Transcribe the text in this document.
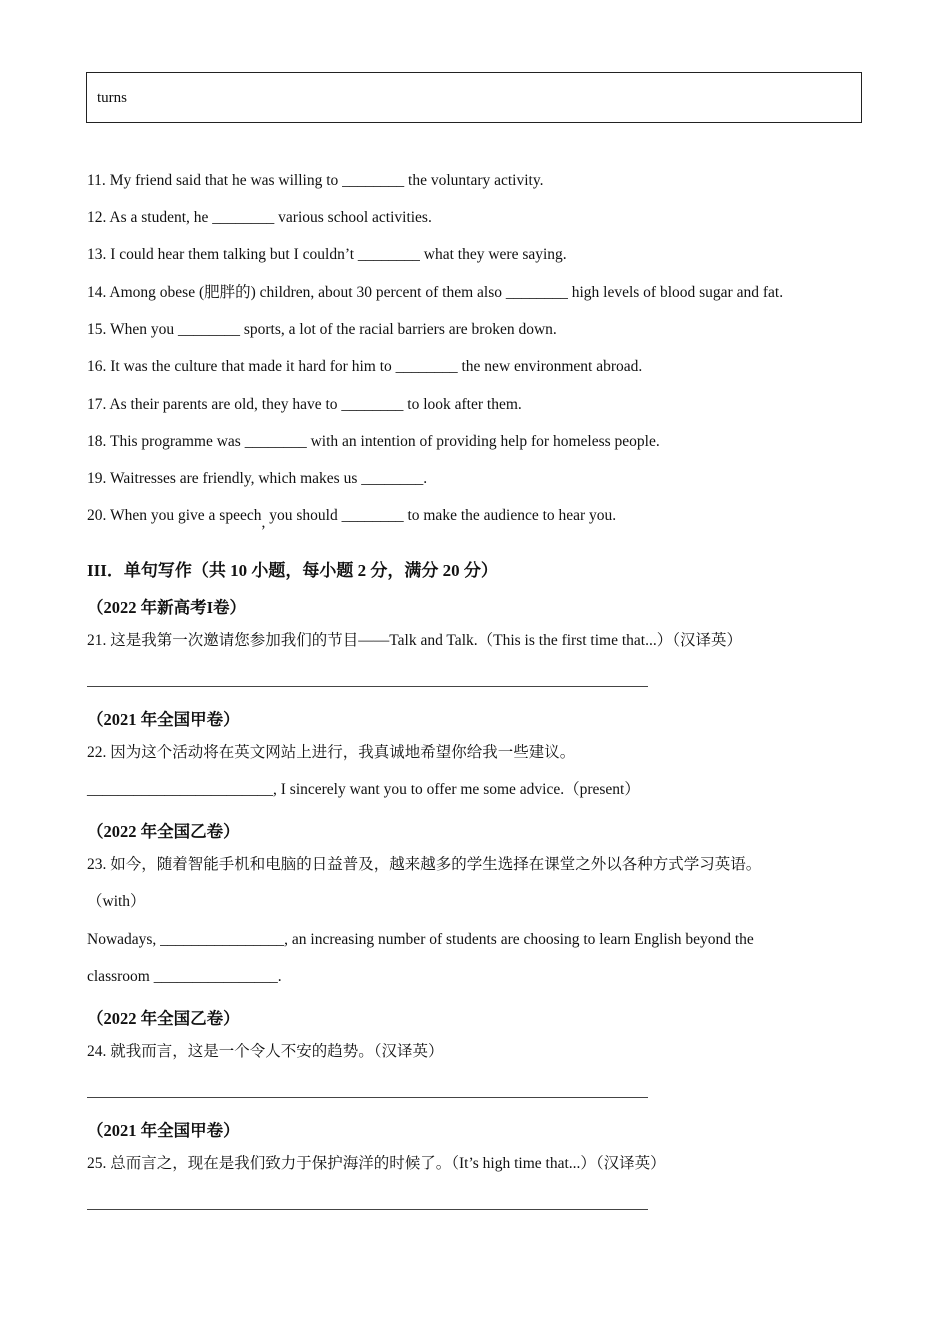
turns
11. My friend said that he was willing to ________ the voluntary activity.
12. As a student, he ________ various school activities.
13. I could hear them talking but I couldn’t ________ what they were saying.
14. Among obese (肥胖的) children, about 30 percent of them also ________ high levels of blood sugar and fat.
15. When you ________ sports, a lot of the racial barriers are broken down.
16. It was the culture that made it hard for him to ________ the new environment abroad.
17. As their parents are old, they have to ________ to look after them.
18. This programme was ________ with an intention of providing help for homeless people.
19. Waitresses are friendly, which makes us ________.
20. When you give a speech, you should ________ to make the audience to hear you.
III．单句写作（共 10 小题，每小题 2 分，满分 20 分）
（2022 年新高考I卷）
21. 这是我第一次邀请您参加我们的节目——Talk and Talk.（This is the first time that...）（汉译英）
（2021 年全国甲卷）
22. 因为这个活动将在英文网站上进行，我真诚地希望你给我一些建议。
________________________, I sincerely want you to offer me some advice.（present）
（2022 年全国乙卷）
23. 如今，随着智能手机和电脑的日益普及，越来越多的学生选择在课堂之外以各种方式学习英语。
（with）
Nowadays, ________________, an increasing number of students are choosing to learn English beyond the
classroom ________________.
（2022 年全国乙卷）
24. 就我而言，这是一个令人不安的趋势。（汉译英）
（2021 年全国甲卷）
25. 总而言之，现在是我们致力于保护海洋的时候了。（It’s high time that...）（汉译英）
